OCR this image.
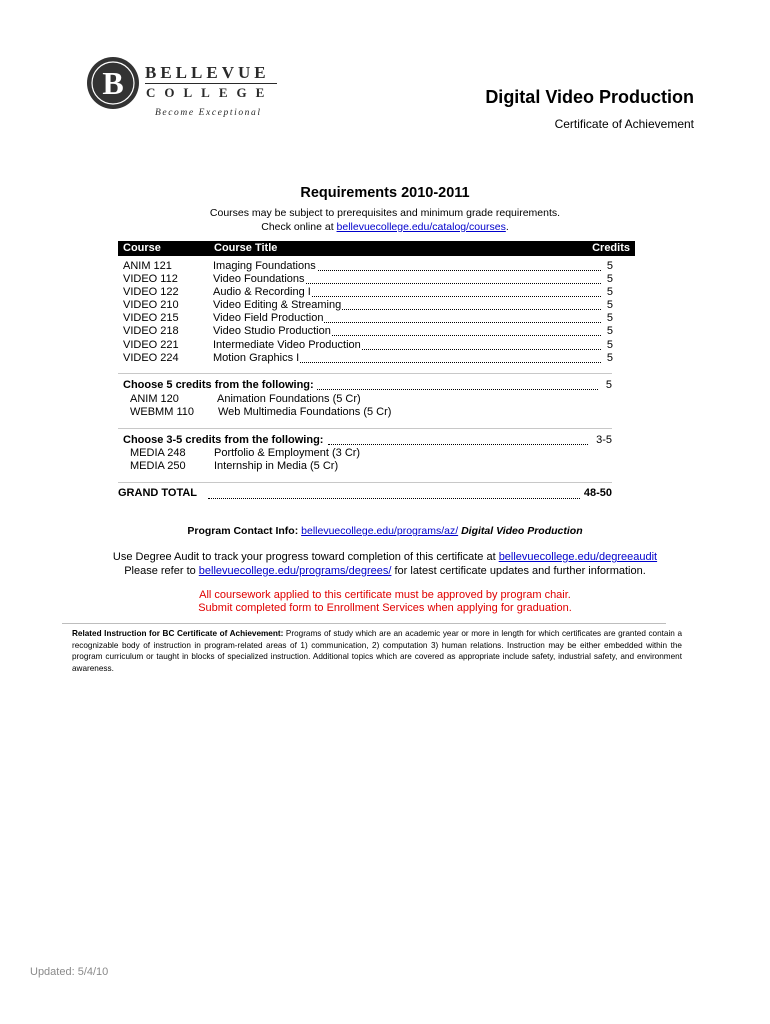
B BELLEVUE
COLLEGE
Become Exceptional
Digital Video Production
Certificate of Achievement
Requirements 2010-2011
Courses may be subject to prerequisites and minimum grade requirements.
Check online at bellevuecollege.edu/catalog/courses.
Course	Course Title	Credits
ANIM 121	Imaging Foundations	5
VIDEO 112	Video Foundations	5
VIDEO 122	Audio & Recording I	5
VIDEO 210	Video Editing & Streaming	5
VIDEO 215	Video Field Production	5
VIDEO 218	Video Studio Production	5
VIDEO 221	Intermediate Video Production	5
VIDEO 224	Motion Graphics I	5
Choose 5 credits from the following:	5
ANIM 120	Animation Foundations (5 Cr)
WEBMM 110 Web Multimedia Foundations (5 Cr)
Choose 3-5 credits from the following:	3-5
MEDIA 248	Portfolio & Employment (3 Cr)
MEDIA 250	Internship in Media (5 Cr)
GRAND TOTAL	48-50
Program Contact Info: bellevuecollege.edu/programs/az/ Digital Video Production
Use Degree Audit to track your progress toward completion of this certificate at bellevuecollege.edu/degreeaudit
Please refer to bellevuecollege.edu/programs/degrees/ for latest certificate updates and further information.
All coursework applied to this certificate must be approved by program chair.
Submit completed form to Enrollment Services when applying for graduation.
Related Instruction for BC Certificate of Achievement: Programs of study which are an academic year or more in length for which certificates are granted contain a recognizable body of instruction in program-related areas of 1) communication, 2) computation 3) human relations. Instruction may be either embedded within the program curriculum or taught in blocks of specialized instruction. Additional topics which are covered as appropriate include safety, industrial safety, and environment awareness.
Updated: 5/4/10
